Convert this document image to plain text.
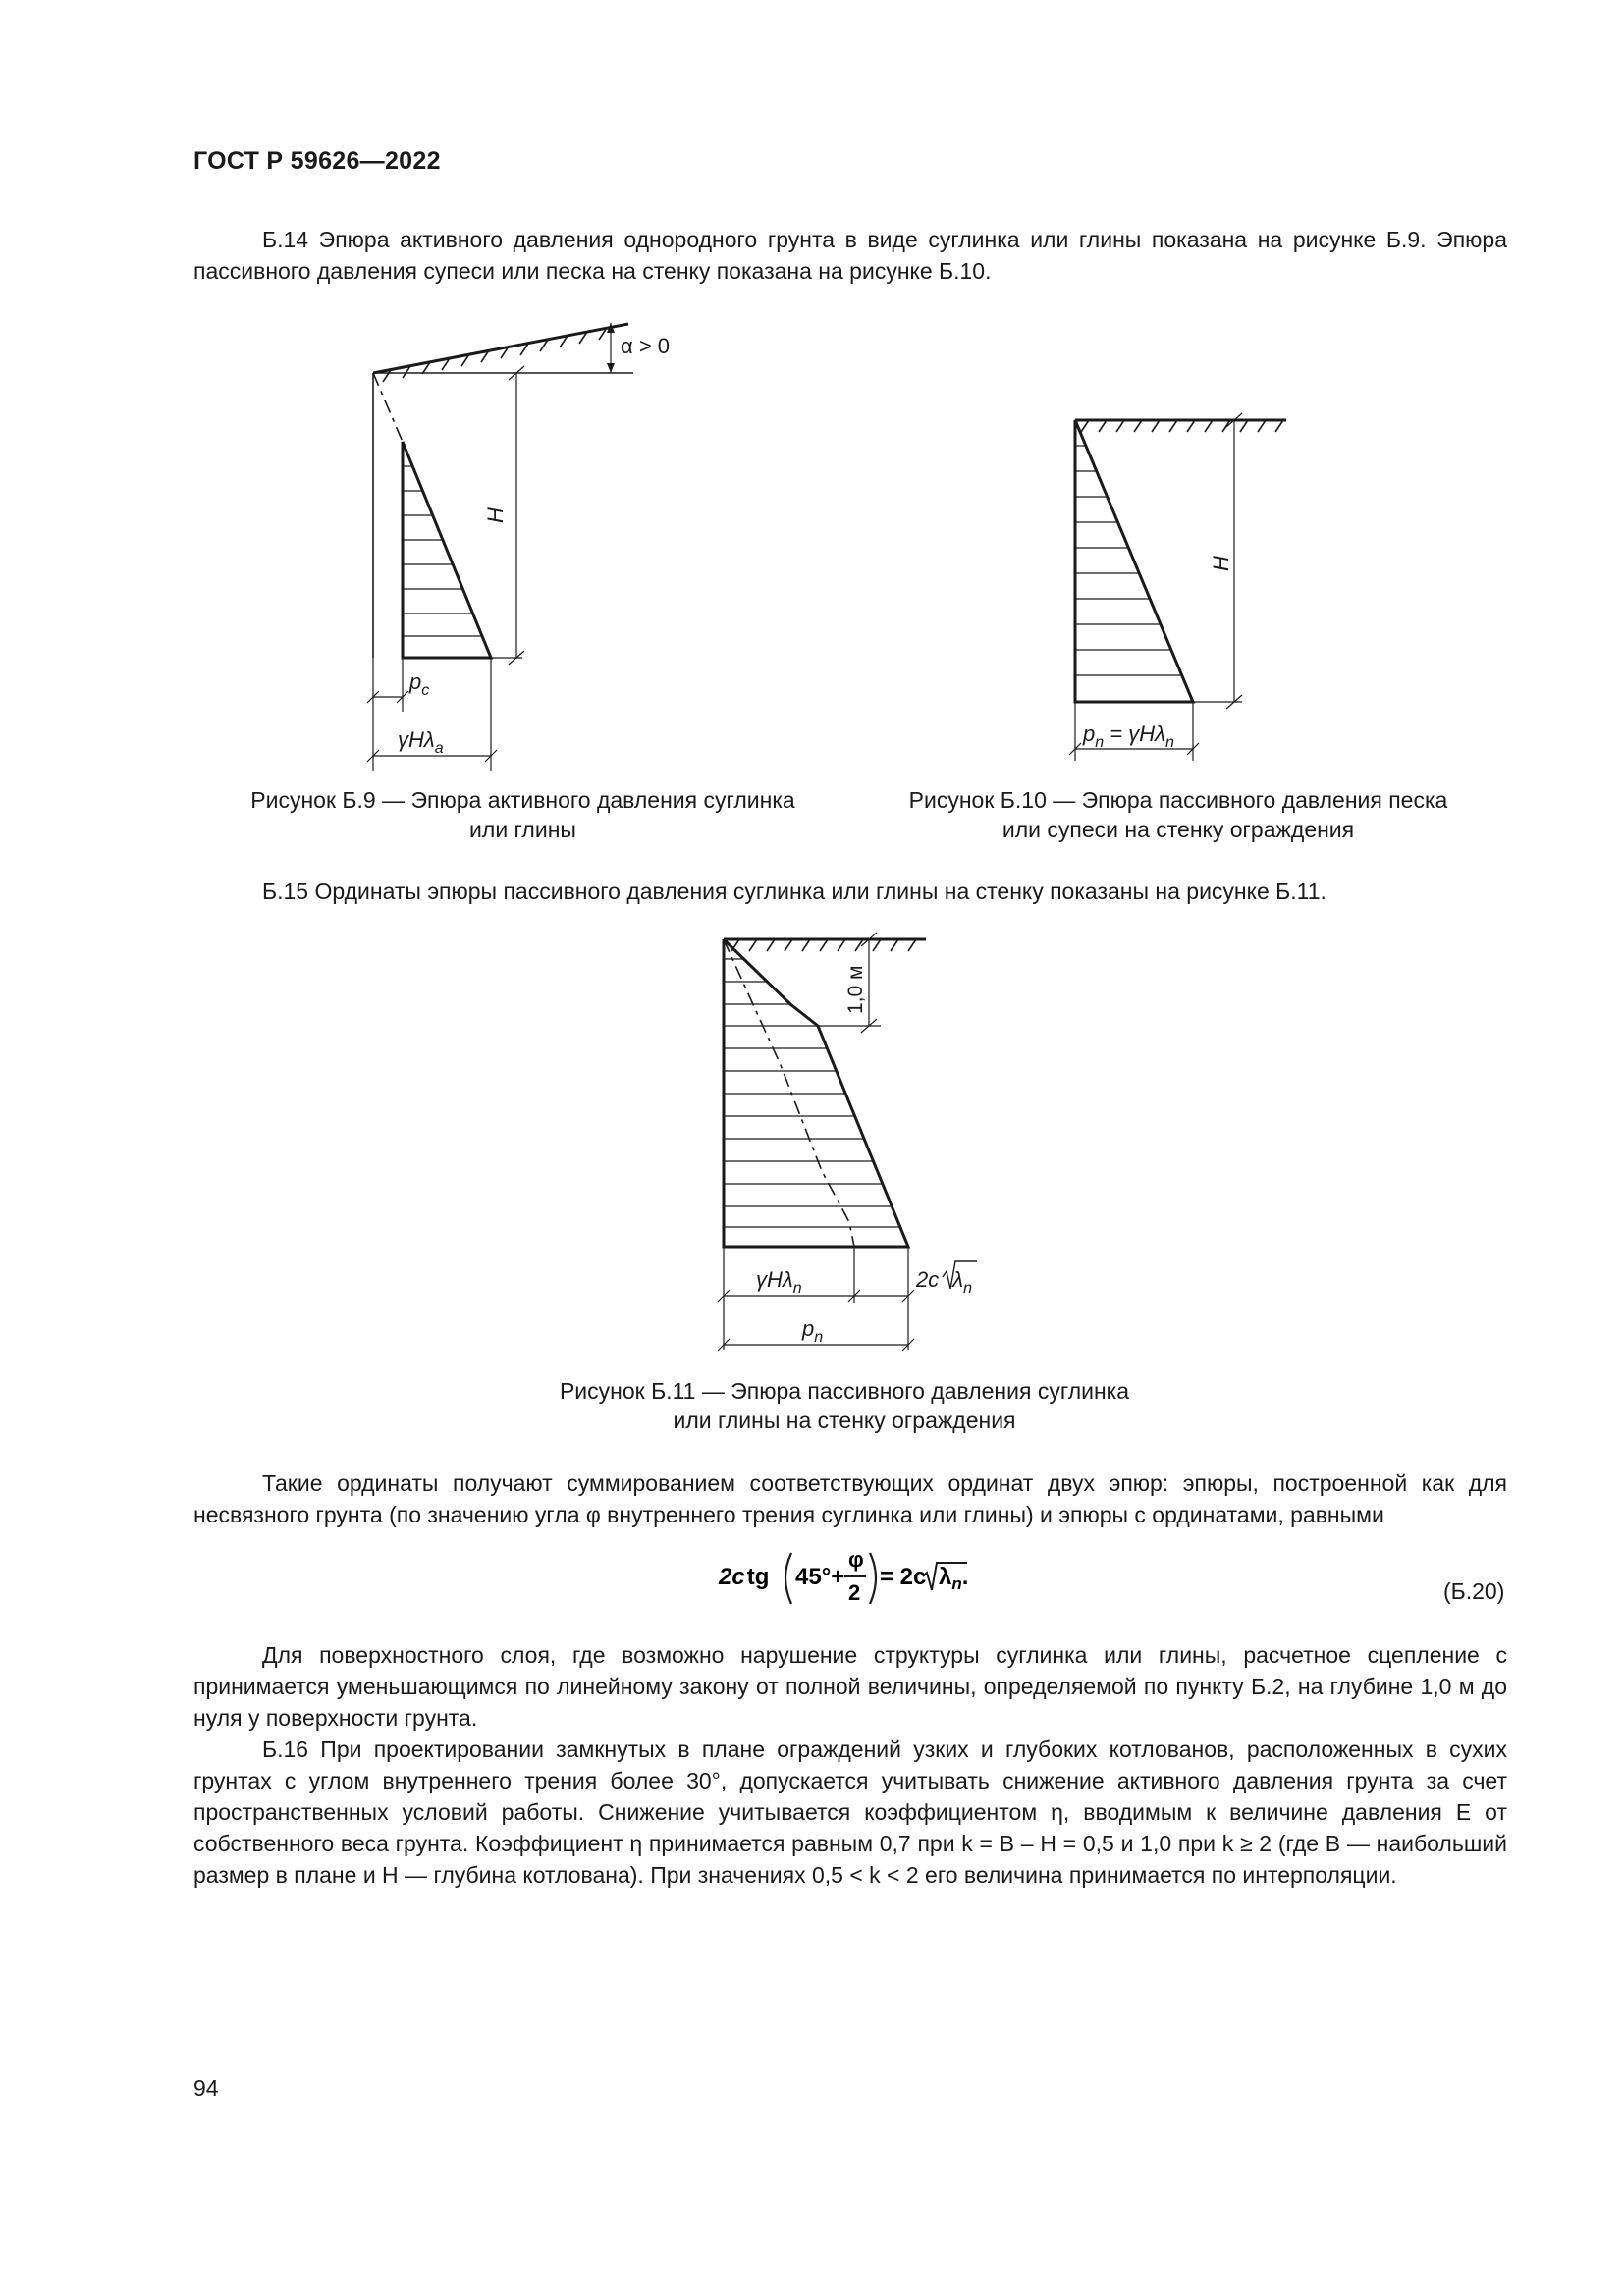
ГОСТ Р 59626—2022

Б.14 Эпюра активного давления однородного грунта в виде суглинка или глины показана на рисунке Б.9. Эпюра пассивного давления супеси или песка на стенку показана на рисунке Б.10.

α > 0
H
$p_c$
γHλ$_a$
Рисунок Б.9 — Эпюра активного давления суглинка
или глины
H
$p_n = \gamma H\lambda_n$
Рисунок Б.10 — Эпюра пассивного давления песка
или супеси на стенку ограждения

Б.15 Ординаты эпюры пассивного давления суглинка или глины на стенку показаны на рисунке Б.11.

1,0 м
γHλ$_n$	2c $\lambda_n$
$p_n$
Рисунок Б.11 — Эпюра пассивного давления суглинка
или глины на стенку ограждения

Такие ординаты получают суммированием соответствующих ординат двух эпюр: эпюры, построенной как для несвязного грунта (по значению угла φ внутреннего трения суглинка или глины) и эпюры с ординатами, равными

2ctg 45°+
φ
2
= 2c $\lambda_n$.
(Б.20)

Для поверхностного слоя, где возможно нарушение структуры суглинка или глины, расчетное сцепление c принимается уменьшающимся по линейному закону от полной величины, определяемой по пункту Б.2, на глубине 1,0 м до нуля у поверхности грунта.

Б.16 При проектировании замкнутых в плане ограждений узких и глубоких котлованов, расположенных в сухих грунтах с углом внутреннего трения более 30°, допускается учитывать снижение активного давления грунта за счет пространственных условий работы. Снижение учитывается коэффициентом η, вводимым к величине давления E от собственного веса грунта. Коэффициент η принимается равным 0,7 при k = B – H = 0,5 и 1,0 при k ≥ 2 (где B — наибольший размер в плане и H — глубина котлована). При значениях 0,5 < k < 2 его величина принимается по интерполяции.

94
